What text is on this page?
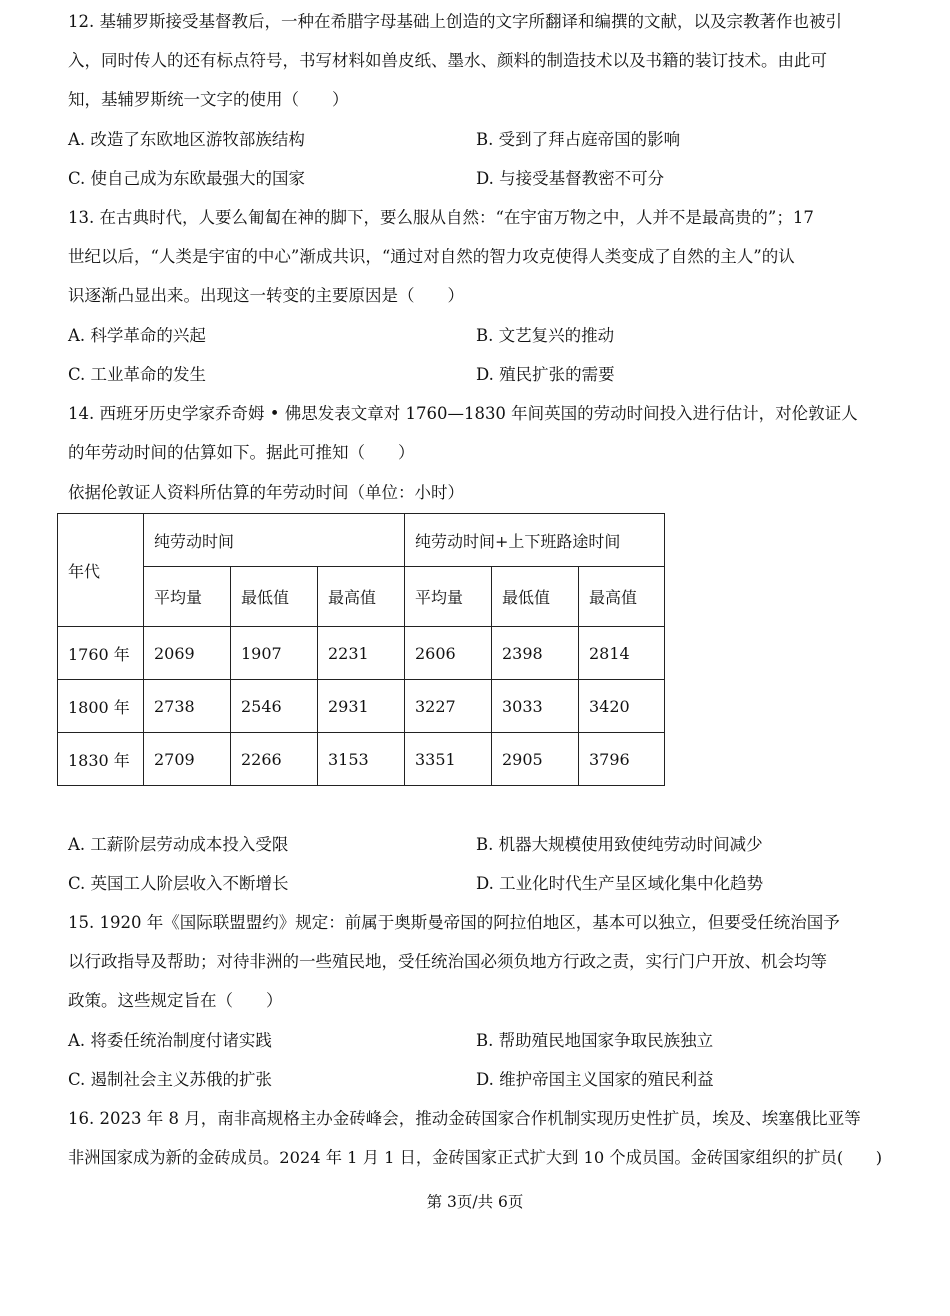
12. 基辅罗斯接受基督教后，一种在希腊字母基础上创造的文字所翻译和编撰的文献，以及宗教著作也被引
入，同时传人的还有标点符号，书写材料如兽皮纸、墨水、颜料的制造技术以及书籍的装订技术。由此可
知，基辅罗斯统一文字的使用（　　）
A. 改造了东欧地区游牧部族结构	B. 受到了拜占庭帝国的影响
C. 使自己成为东欧最强大的国家	D. 与接受基督教密不可分
13. 在古典时代，人要么匍匐在神的脚下，要么服从自然：“在宇宙万物之中，人并不是最高贵的”；17
世纪以后，“人类是宇宙的中心”渐成共识，“通过对自然的智力攻克使得人类变成了自然的主人”的认
识逐渐凸显出来。出现这一转变的主要原因是（　　）
A. 科学革命的兴起	B. 文艺复兴的推动
C. 工业革命的发生	D. 殖民扩张的需要
14. 西班牙历史学家乔奇姆 • 佛思发表文章对 1760—1830 年间英国的劳动时间投入进行估计，对伦敦证人
的年劳动时间的估算如下。据此可推知（　　）
依据伦敦证人资料所估算的年劳动时间（单位：小时）
年代	纯劳动时间			纯劳动时间+上下班路途时间		
	平均量	最低值	最高值	平均量	最低值	最高值
1760 年	2069	1907	2231	2606	2398	2814
1800 年	2738	2546	2931	3227	3033	3420
1830 年	2709	2266	3153	3351	2905	3796
A. 工薪阶层劳动成本投入受限	B. 机器大规模使用致使纯劳动时间减少
C. 英国工人阶层收入不断增长	D. 工业化时代生产呈区域化集中化趋势
15. 1920 年《国际联盟盟约》规定：前属于奥斯曼帝国的阿拉伯地区，基本可以独立，但要受任统治国予
以行政指导及帮助；对待非洲的一些殖民地，受任统治国必须负地方行政之责，实行门户开放、机会均等
政策。这些规定旨在（　　）
A. 将委任统治制度付诸实践	B. 帮助殖民地国家争取民族独立
C. 遏制社会主义苏俄的扩张	D. 维护帝国主义国家的殖民利益
16. 2023 年 8 月，南非高规格主办金砖峰会，推动金砖国家合作机制实现历史性扩员，埃及、埃塞俄比亚等
非洲国家成为新的金砖成员。2024 年 1 月 1 日，金砖国家正式扩大到 10 个成员国。金砖国家组织的扩员(　　)
第 3页/共 6页
